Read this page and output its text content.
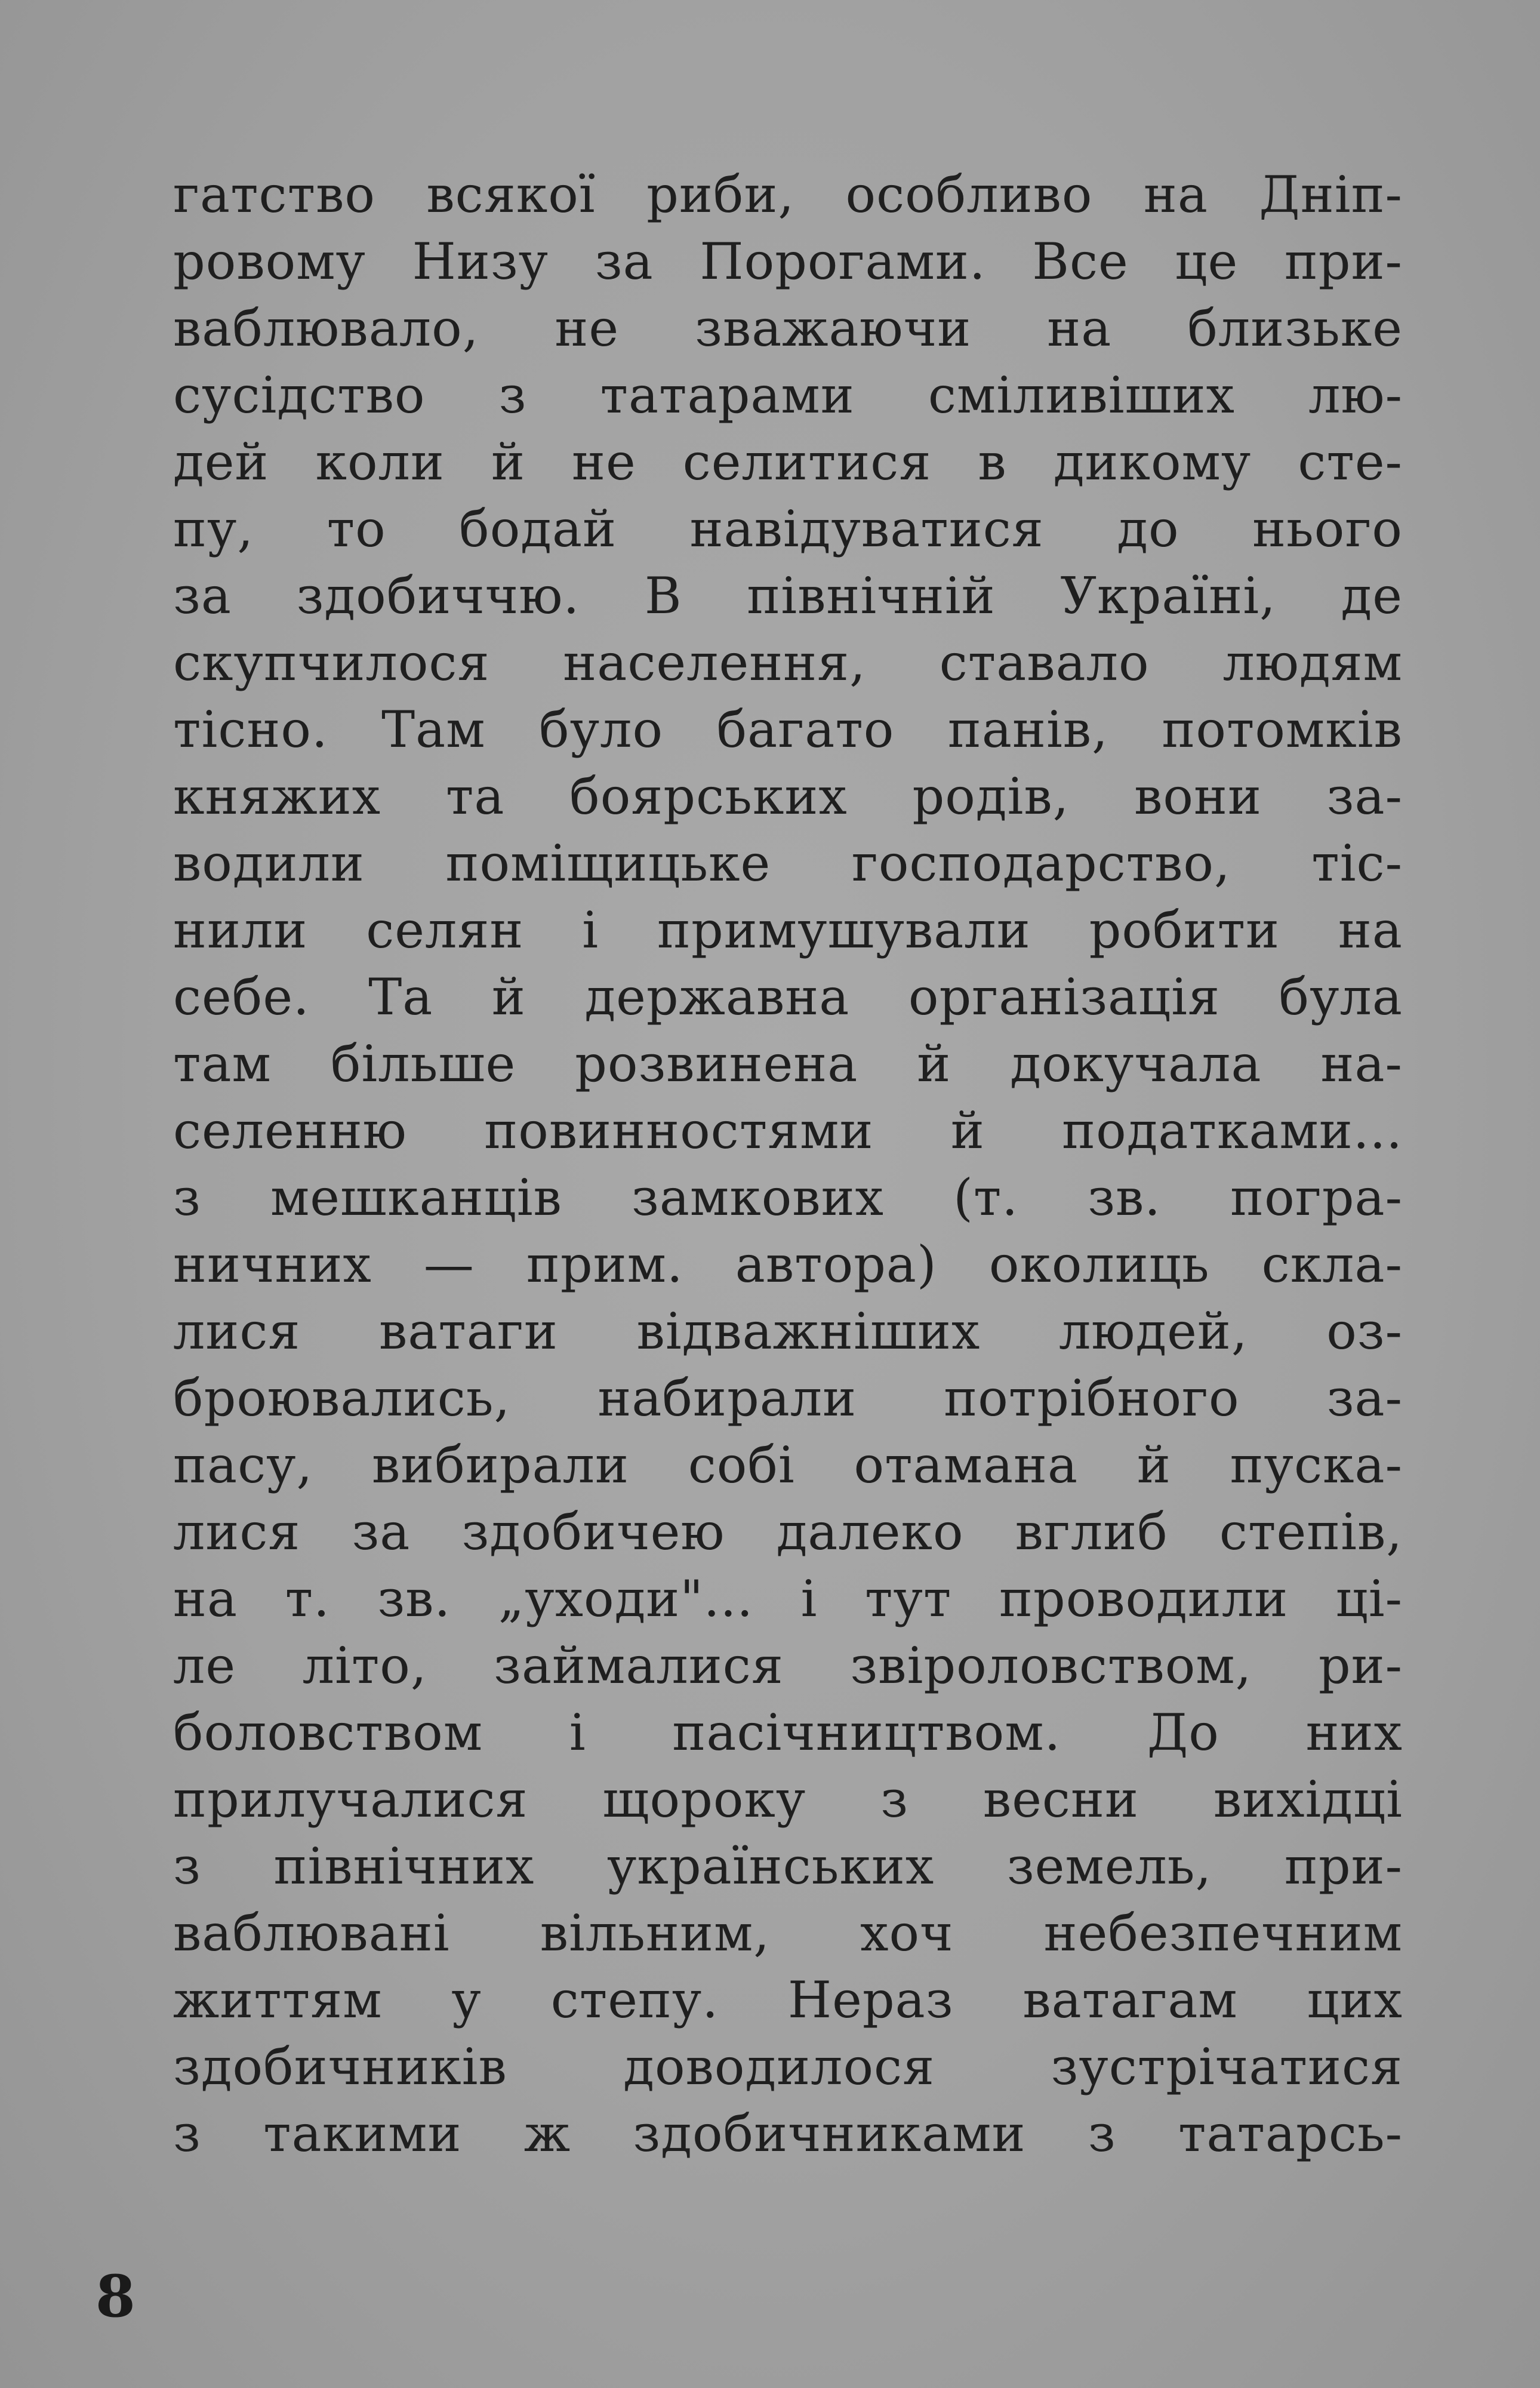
гатство всякої риби, особливо на Дніп-
ровому Низу за Порогами. Все це при-
ваблювало, не зважаючи на близьке
сусідство з татарами сміливіших лю-
дей коли й не селитися в дикому сте-
пу, то бодай навідуватися до нього
за здобиччю. В північній Україні, де
скупчилося населення, ставало людям
тісно. Там було багато панів, потомків
княжих та боярських родів, вони за-
водили поміщицьке господарство, тіс-
нили селян і примушували робити на
себе. Та й державна організація була
там більше розвинена й докучала на-
селенню повинностями й податками...
з мешканців замкових (т. зв. погра-
ничних — прим. автора) околиць скла-
лися ватаги відважніших людей, оз-
броювались, набирали потрібного за-
пасу, вибирали собі отамана й пуска-
лися за здобичею далеко вглиб степів,
на т. зв. „уходи"... і тут проводили ці-
ле літо, займалися звіроловством, ри-
боловством і пасічництвом. До них
прилучалися щороку з весни вихідці
з північних українських земель, при-
ваблювані вільним, хоч небезпечним
життям у степу. Нераз ватагам цих
здобичників доводилося зустрічатися
з такими ж здобичниками з татарсь-
8
